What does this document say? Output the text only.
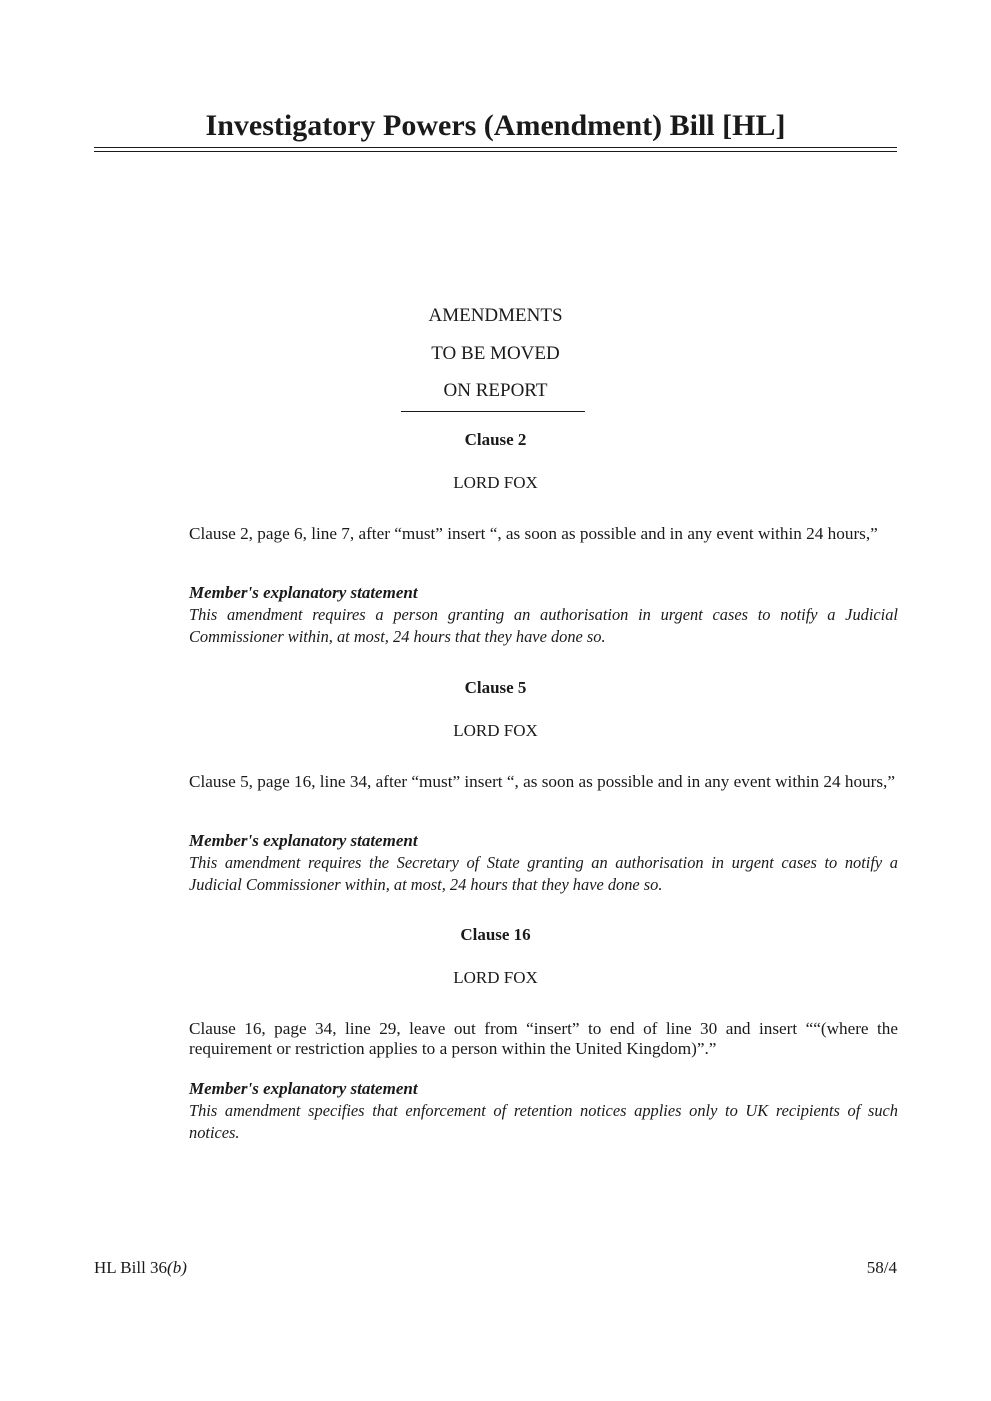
Investigatory Powers (Amendment) Bill [HL]
AMENDMENTS
TO BE MOVED
ON REPORT
Clause 2
LORD FOX
Clause 2, page 6, line 7, after “must” insert “, as soon as possible and in any event within 24 hours,”
Member's explanatory statement
This amendment requires a person granting an authorisation in urgent cases to notify a Judicial Commissioner within, at most, 24 hours that they have done so.
Clause 5
LORD FOX
Clause 5, page 16, line 34, after “must” insert “, as soon as possible and in any event within 24 hours,”
Member's explanatory statement
This amendment requires the Secretary of State granting an authorisation in urgent cases to notify a Judicial Commissioner within, at most, 24 hours that they have done so.
Clause 16
LORD FOX
Clause 16, page 34, line 29, leave out from “insert” to end of line 30 and insert ““(where the requirement or restriction applies to a person within the United Kingdom)”.”
Member's explanatory statement
This amendment specifies that enforcement of retention notices applies only to UK recipients of such notices.
HL Bill 36(b)	58/4
